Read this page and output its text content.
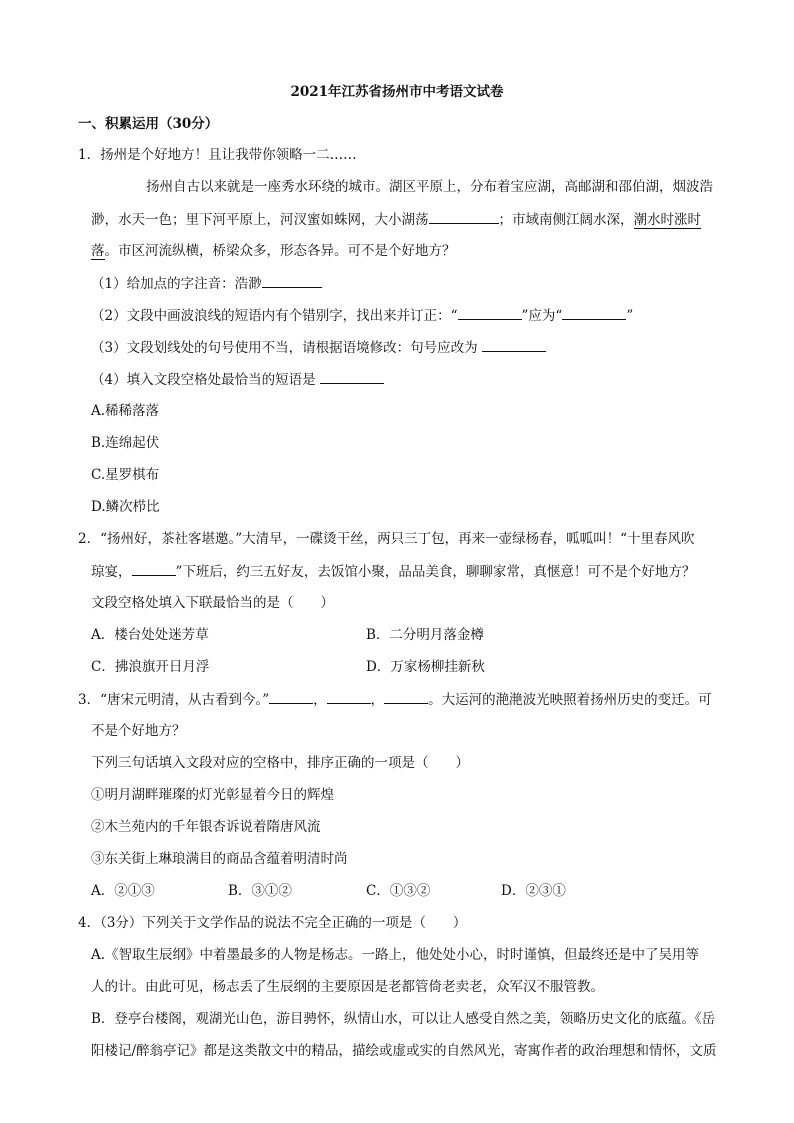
2021年江苏省扬州市中考语文试卷
一、积累运用（30分）
1．扬州是个好地方！且让我带你领略一二……
扬州自古以来就是一座秀水环绕的城市。湖区平原上，分布着宝应湖，高邮湖和邵伯湖，烟波浩
渺，水天一色；里下河平原上，河汊蜜如蛛网，大小湖荡	；市域南侧江阔水深，潮水时涨时
落。市区河流纵横，桥梁众多，形态各异。可不是个好地方？
（1）给加点的字注音：浩渺
（2）文段中画波浪线的短语内有个错别字，找出来并订正：“	”应为“	”
（3）文段划线处的句号使用不当，请根据语境修改：句号应改为
（4）填入文段空格处最恰当的短语是
A.稀稀落落
B.连绵起伏
C.星罗棋布
D.鳞次栉比
2．“扬州好，茶社客堪邀。”大清早，一碟烫干丝，两只三丁包，再来一壶绿杨春，呱呱叫！“十里春风吹
琼宴，	”下班后，约三五好友，去饭馆小聚，品品美食，聊聊家常，真惬意！可不是个好地方？
文段空格处填入下联最恰当的是（　　）
A．楼台处处迷芳草	B．二分明月落金樽
C．拂浪旗开日月浮	D．万家杨柳挂新秋
3．“唐宋元明清，从古看到今。”	，	，	。大运河的滟滟波光映照着扬州历史的变迁。可
不是个好地方？
下列三句话填入文段对应的空格中，排序正确的一项是（　　）
①明月湖畔璀璨的灯光彰显着今日的辉煌
②木兰苑内的千年银杏诉说着隋唐风流
③东关街上琳琅满目的商品含蕴着明清时尚
A．②①③	B．③①②	C．①③②	D．②③①
4．（3分）下列关于文学作品的说法不完全正确的一项是（　　）
A.《智取生辰纲》中着墨最多的人物是杨志。一路上，他处处小心，时时谨慎，但最终还是中了吴用等
人的计。由此可见，杨志丢了生辰纲的主要原因是老都管倚老卖老，众军汉不服管教。
B．登亭台楼阁，观湖光山色，游目骋怀，纵情山水，可以让人感受自然之美，领略历史文化的底蕴。《岳
阳楼记/醉翁亭记》都是这类散文中的精品，描绘或虚或实的自然风光，寄寓作者的政治理想和情怀，文质
